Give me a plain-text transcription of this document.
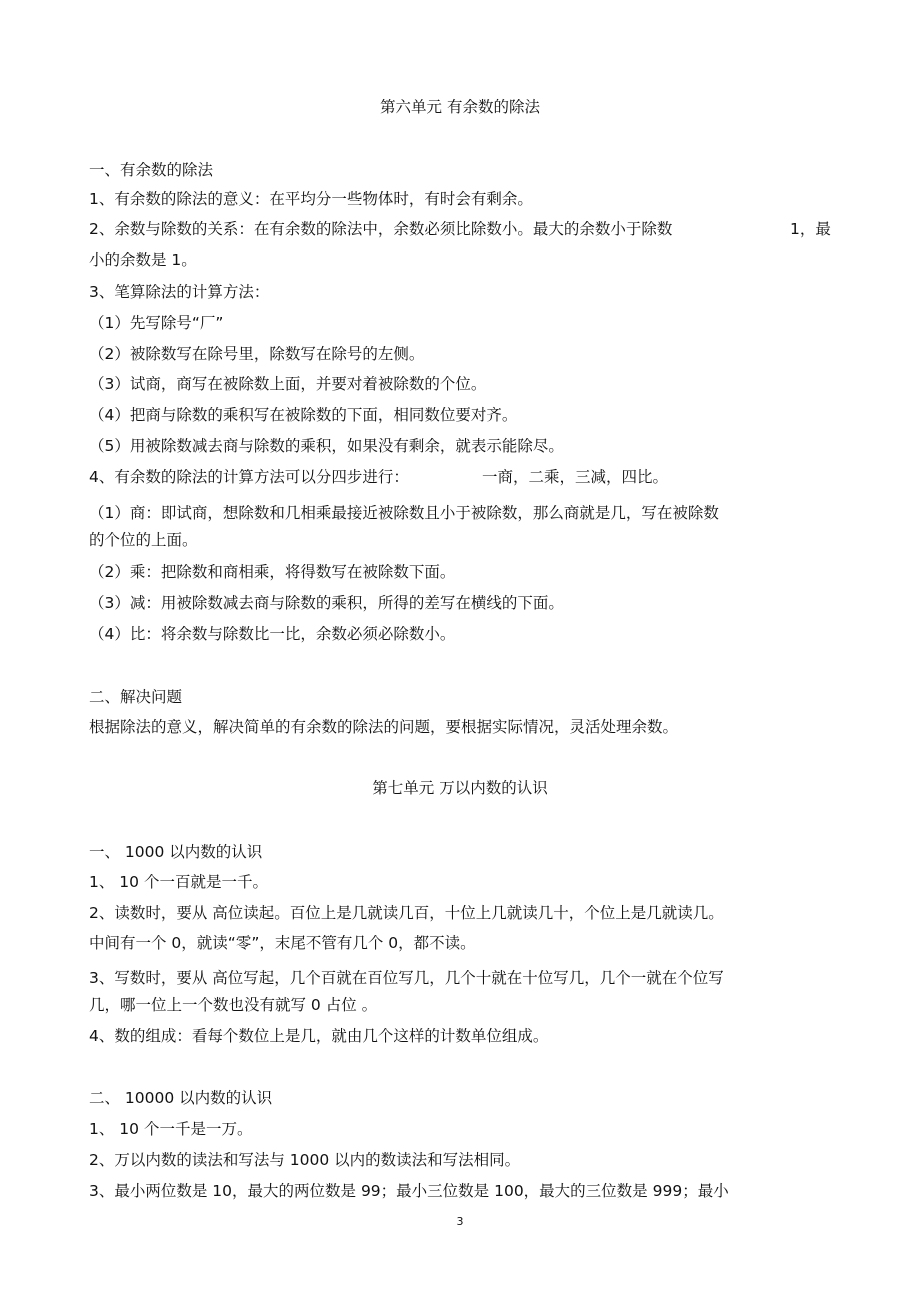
第六单元 有余数的除法
一、有余数的除法
1、有余数的除法的意义：在平均分一些物体时，有时会有剩余。
2、余数与除数的关系：在有余数的除法中，余数必须比除数小。最大的余数小于除数	1，最
小的余数是 1。
3、笔算除法的计算方法：
（1）先写除号“厂”
（2）被除数写在除号里，除数写在除号的左侧。
（3）试商，商写在被除数上面，并要对着被除数的个位。
（4）把商与除数的乘积写在被除数的下面，相同数位要对齐。
（5）用被除数减去商与除数的乘积，如果没有剩余，就表示能除尽。
4、有余数的除法的计算方法可以分四步进行：	一商，二乘，三减，四比。
（1）商：即试商，想除数和几相乘最接近被除数且小于被除数，那么商就是几，写在被除数
的个位的上面。
（2）乘：把除数和商相乘，将得数写在被除数下面。
（3）减：用被除数减去商与除数的乘积，所得的差写在横线的下面。
（4）比：将余数与除数比一比，余数必须必除数小。
二、解决问题
根据除法的意义，解决简单的有余数的除法的问题，要根据实际情况，灵活处理余数。
第七单元 万以内数的认识
一、 1000 以内数的认识
1、 10 个一百就是一千。
2、读数时，要从 高位读起。百位上是几就读几百，十位上几就读几十，个位上是几就读几。
中间有一个 0，就读“零”，末尾不管有几个 0，都不读。
3、写数时，要从 高位写起，几个百就在百位写几，几个十就在十位写几，几个一就在个位写
几，哪一位上一个数也没有就写 0 占位 。
4、数的组成：看每个数位上是几，就由几个这样的计数单位组成。
二、 10000 以内数的认识
1、 10 个一千是一万。
2、万以内数的读法和写法与 1000 以内的数读法和写法相同。
3、最小两位数是 10，最大的两位数是 99；最小三位数是 100，最大的三位数是 999；最小
3
